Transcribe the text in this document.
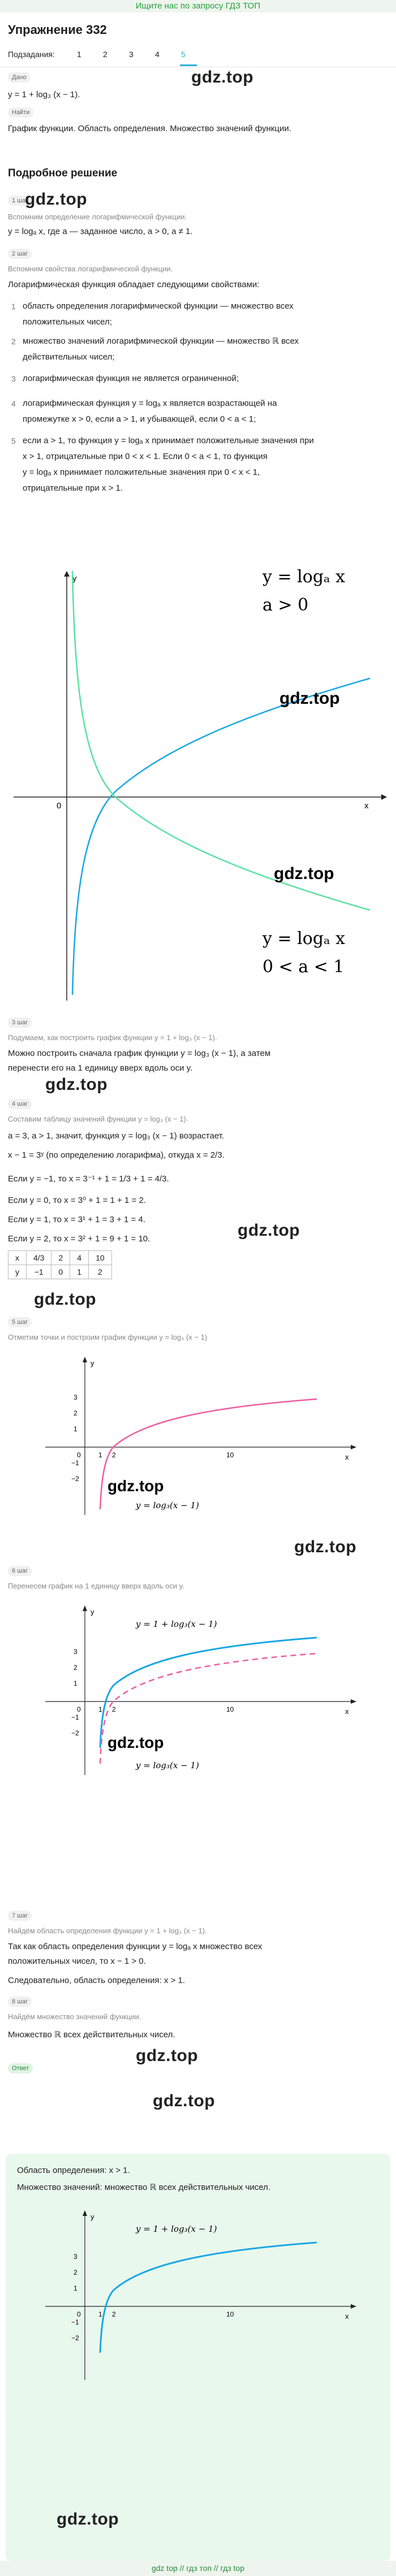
Ищите нас по запросу ГДЗ ТОП
Упражнение 332
Подзадания:	1	2	3	4	5
Дано
y = 1 + log₃ (x − 1).
Найти
График функции. Область определения. Множество значений функции.
gdz.top
Подробное решение
1 шаг
gdz.top
Вспомним определение логарифмической функции.
y = logₐ x, где a — заданное число, a > 0, a ≠ 1.
2 шаг
Вспомним свойства логарифмической функции.
Логарифмическая функция обладает следующими свойствами:
1 область определения логарифмической функции — множество всех
положительных чисел;
2 множество значений логарифмической функции — множество ℝ всех
действительных чисел;
3 логарифмическая функция не является ограниченной;
4 логарифмическая функция y = logₐ x является возрастающей на
промежутке x > 0, если a > 1, и убывающей, если 0 < a < 1;
5 если a > 1, то функция y = logₐ x принимает положительные значения при
x > 1, отрицательные при 0 < x < 1. Если 0 < a < 1, то функция
y = logₐ x принимает положительные значения при 0 < x < 1,
отрицательные при x > 1.
y
x
0
y = logₐ x
a > 0
y = logₐ x
0 < a < 1
gdz.top
gdz.top
3 шаг
Подумаем, как построить график функции y = 1 + log₃ (x − 1).
Можно построить сначала график функции y = log₃ (x − 1), а затем
перенести его на 1 единицу вверх вдоль оси y.
gdz.top
4 шаг
Составим таблицу значений функции y = log₃ (x − 1).
a = 3, a > 1, значит, функция y = log₃ (x − 1) возрастает.
x − 1 = 3ʸ (по определению логарифма), откуда x = 2/3.
Если y = −1, то x = 3⁻¹ + 1 = 1/3 + 1 = 4/3.
Если y = 0, то x = 3⁰ + 1 = 1 + 1 = 2.
Если y = 1, то x = 3¹ + 1 = 3 + 1 = 4.
Если y = 2, то x = 3² + 1 = 9 + 1 = 10.	gdz.top
x	4/3	2	4	10
y	−1	0	1	2
gdz.top
5 шаг
Отметим точки и построим график функции y = log₃ (x − 1)
y
x
0	1 2	10
3
2
1
−1
−2
y = log₃(x − 1)
gdz.top
gdz.top
6 шаг
Перенесем график на 1 единицу вверх вдоль оси y.
y
x
0	1 2	10
3
2
1
−1
−2
y = 1 + log₃(x − 1)
y = log₃(x − 1)
gdz.top
7 шаг
Найдём область определения функции y = 1 + log₃ (x − 1).
Так как область определения функции y = logₐ x множество всех
положительных чисел, то x − 1 > 0.
Следовательно, область определения: x > 1.
8 шаг
Найдём множество значений функции.
Множество ℝ всех действительных чисел.
gdz.top
Ответ
gdz.top
Область определения: x > 1.
Множество значений: множество ℝ всех действительных чисел.
y
x
0	1 2	10
3
2
1
−1
−2
y = 1 + log₃(x − 1)
gdz.top
gdz top // гдз топ // гдз top
